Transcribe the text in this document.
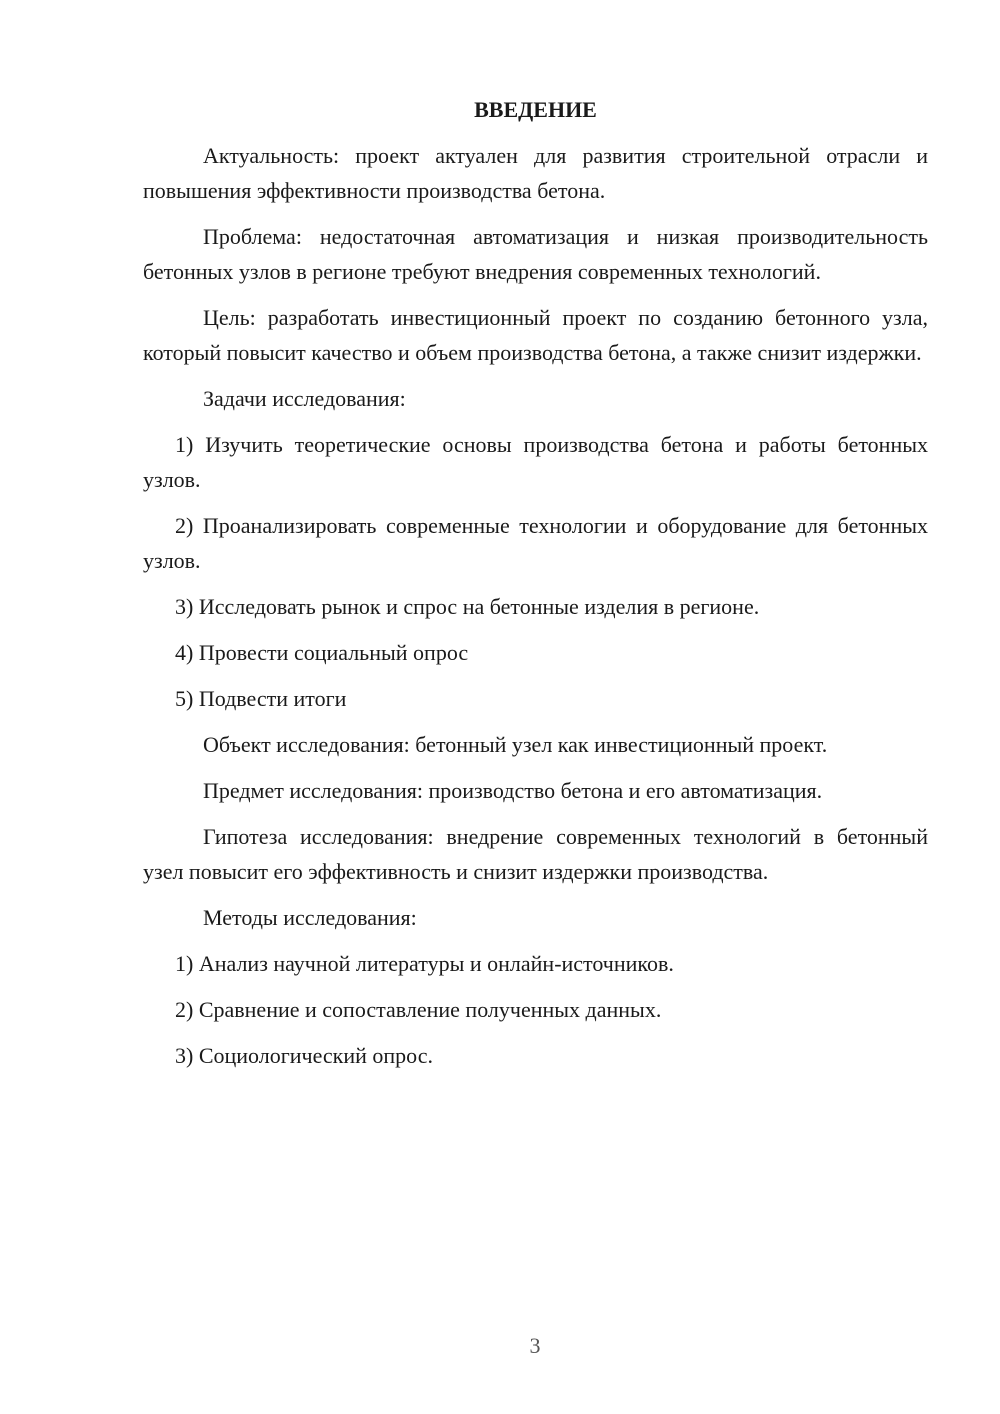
ВВЕДЕНИЕ

Актуальность: проект актуален для развития строительной отрасли и повышения эффективности производства бетона.

Проблема: недостаточная автоматизация и низкая производительность бетонных узлов в регионе требуют внедрения современных технологий.

Цель: разработать инвестиционный проект по созданию бетонного узла, который повысит качество и объем производства бетона, а также снизит издержки.

Задачи исследования:

1) Изучить теоретические основы производства бетона и работы бетонных узлов.

2) Проанализировать современные технологии и оборудование для бетонных узлов.

3) Исследовать рынок и спрос на бетонные изделия в регионе.

4) Провести социальный опрос

5) Подвести итоги

Объект исследования: бетонный узел как инвестиционный проект.

Предмет исследования: производство бетона и его автоматизация.

Гипотеза исследования: внедрение современных технологий в бетонный узел повысит его эффективность и снизит издержки производства.

Методы исследования:

1) Анализ научной литературы и онлайн-источников.

2) Сравнение и сопоставление полученных данных.

3) Социологический опрос.

3
